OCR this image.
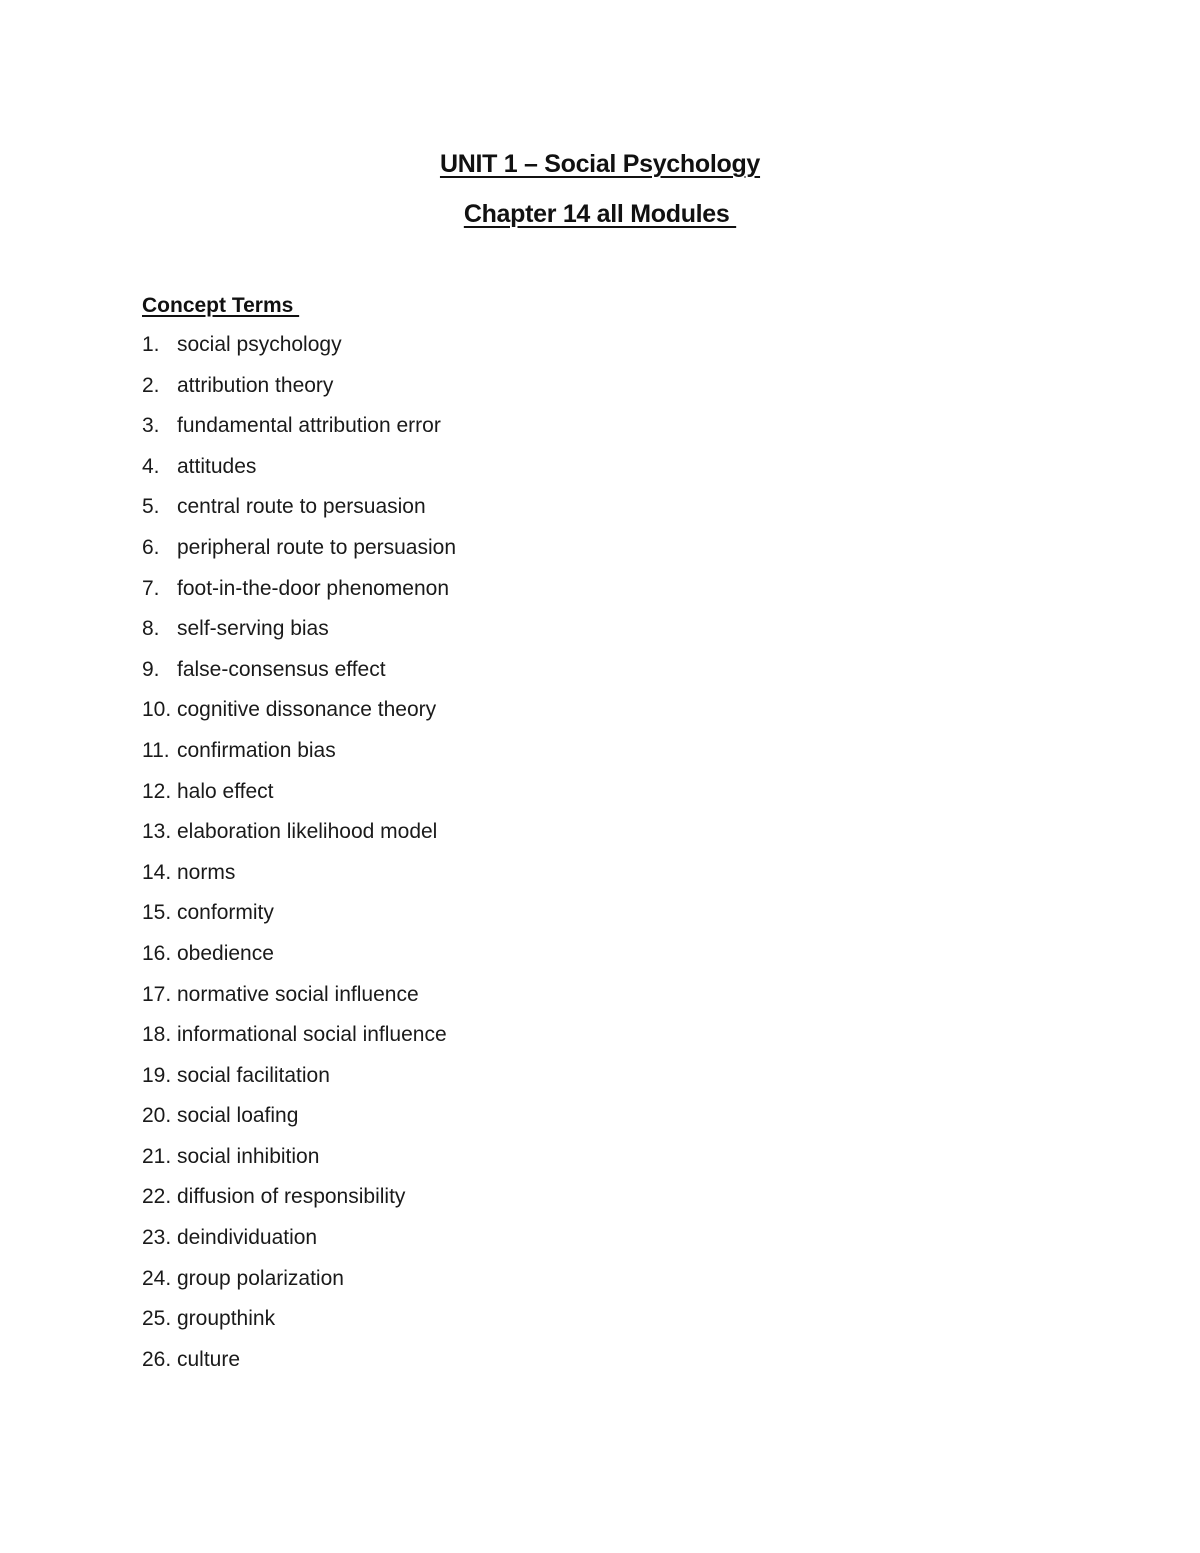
UNIT 1 – Social Psychology
Chapter 14 all Modules

Concept Terms

1. social psychology
2. attribution theory
3. fundamental attribution error
4. attitudes
5. central route to persuasion
6. peripheral route to persuasion
7. foot-in-the-door phenomenon
8. self-serving bias
9. false-consensus effect
10. cognitive dissonance theory
11. confirmation bias
12. halo effect
13. elaboration likelihood model
14. norms
15. conformity
16. obedience
17. normative social influence
18. informational social influence
19. social facilitation
20. social loafing
21. social inhibition
22. diffusion of responsibility
23. deindividuation
24. group polarization
25. groupthink
26. culture
